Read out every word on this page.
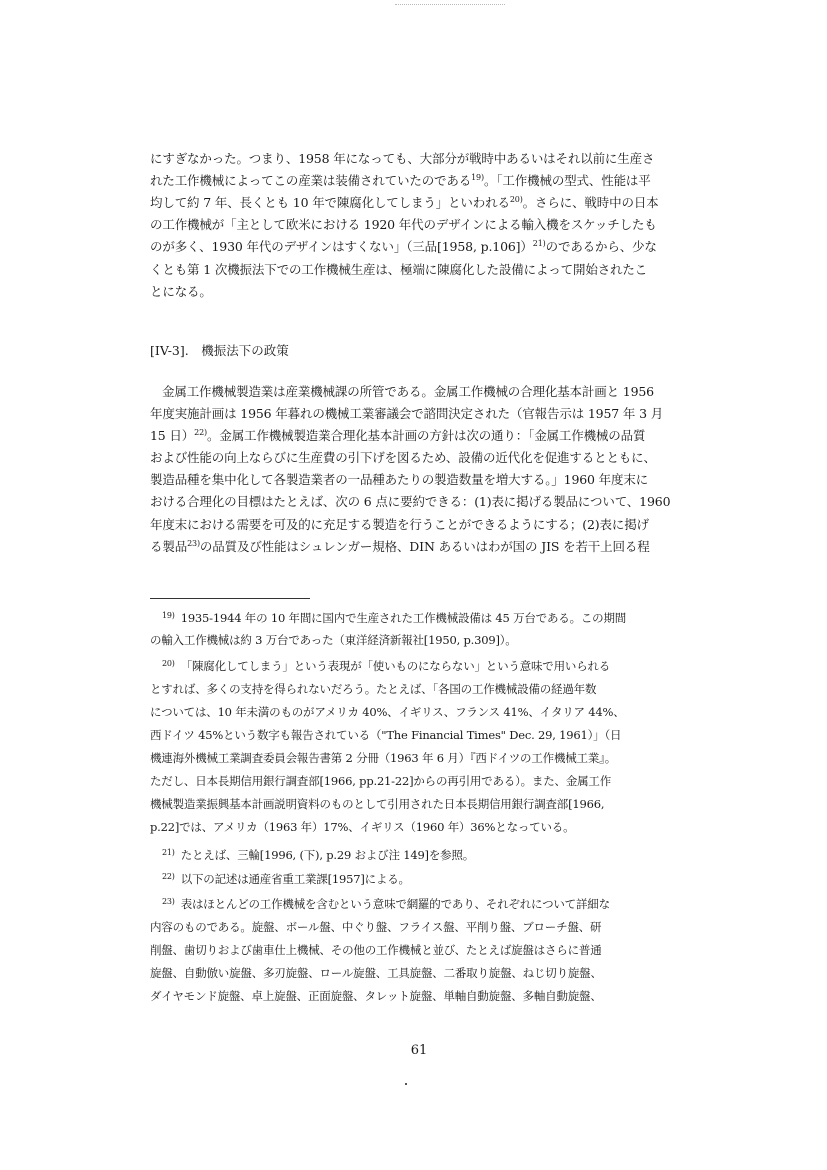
にすぎなかった。つまり、1958 年になっても、大部分が戦時中あるいはそれ以前に生産さ
れた工作機械によってこの産業は装備されていたのである$^{19)}$。「工作機械の型式、性能は平
均して約 7 年、長くとも 10 年で陳腐化してしまう」といわれる$^{20)}$。さらに、戦時中の日本
の工作機械が「主として欧米における 1920 年代のデザインによる輸入機をスケッチしたも
のが多く、1930 年代のデザインはすくない」（三品[1958, p.106]）$^{21)}$のであるから、少な
くとも第 1 次機振法下での工作機械生産は、極端に陳腐化した設備によって開始されたこ
とになる。
[IV-3].　機振法下の政策
金属工作機械製造業は産業機械課の所管である。金属工作機械の合理化基本計画と 1956
年度実施計画は 1956 年暮れの機械工業審議会で諮問決定された（官報告示は 1957 年 3 月
15 日）$^{22)}$。金属工作機械製造業合理化基本計画の方針は次の通り：「金属工作機械の品質
および性能の向上ならびに生産費の引下げを図るため、設備の近代化を促進するとともに、
製造品種を集中化して各製造業者の一品種あたりの製造数量を増大する。」1960 年度末に
おける合理化の目標はたとえば、次の 6 点に要約できる：(1)表に掲げる製品について、1960
年度末における需要を可及的に充足する製造を行うことができるようにする；(2)表に掲げ
る製品$^{23)}$の品質及び性能はシュレンガー規格、DIN あるいはわが国の JIS を若干上回る程
$^{19)}$ 1935-1944 年の 10 年間に国内で生産された工作機械設備は 45 万台である。この期間
の輸入工作機械は約 3 万台であった（東洋経済新報社[1950, p.309]）。
$^{20)}$ 「陳腐化してしまう」という表現が「使いものにならない」という意味で用いられる
とすれば、多くの支持を得られないだろう。たとえば、「各国の工作機械設備の経過年数
については、10 年未満のものがアメリカ 40%、イギリス、フランス 41%、イタリア 44%、
西ドイツ 45%という数字も報告されている（"The Financial Times" Dec. 29, 1961）」（日
機連海外機械工業調査委員会報告書第 2 分冊（1963 年 6 月）『西ドイツの工作機械工業』。
ただし、日本長期信用銀行調査部[1966, pp.21-22]からの再引用である）。また、金属工作
機械製造業振興基本計画説明資料のものとして引用された日本長期信用銀行調査部[1966,
p.22]では、アメリカ（1963 年）17%、イギリス（1960 年）36%となっている。
$^{21)}$ たとえば、三輪[1996, (下), p.29 および注 149]を参照。
$^{22)}$ 以下の記述は通産省重工業課[1957]による。
$^{23)}$ 表はほとんどの工作機械を含むという意味で網羅的であり、それぞれについて詳細な
内容のものである。旋盤、ボール盤、中ぐり盤、フライス盤、平削り盤、ブローチ盤、研
削盤、歯切りおよび歯車仕上機械、その他の工作機械と並び、たとえば旋盤はさらに普通
旋盤、自動倣い旋盤、多刃旋盤、ロール旋盤、工具旋盤、二番取り旋盤、ねじ切り旋盤、
ダイヤモンド旋盤、卓上旋盤、正面旋盤、タレット旋盤、単軸自動旋盤、多軸自動旋盤、
61
